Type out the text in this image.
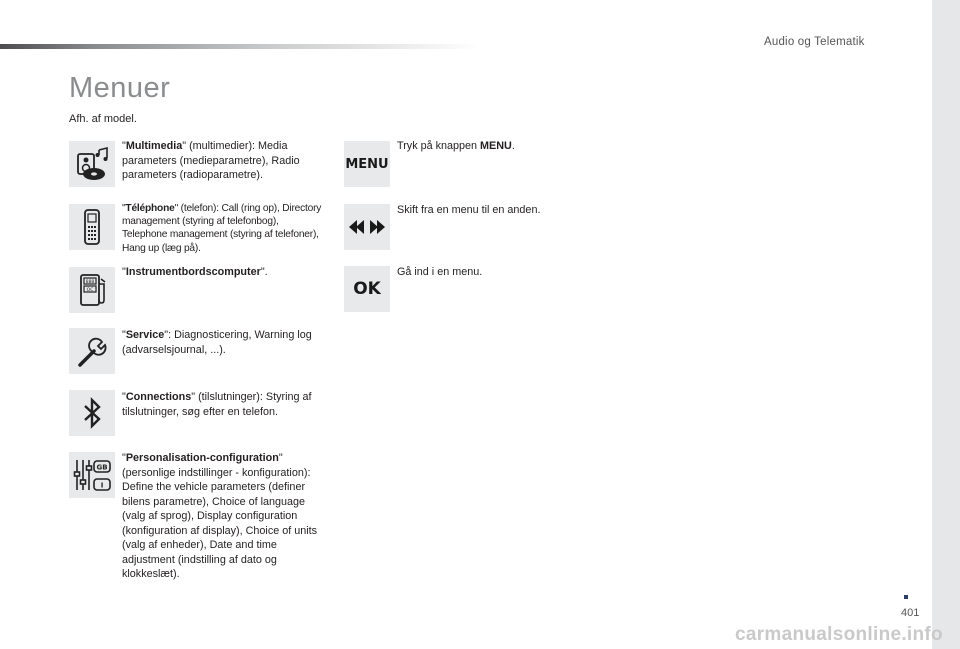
Audio og Telematik
Menuer
Afh. af model.
"Multimedia" (multimedier): Media parameters (medieparametre), Radio parameters (radioparametre).
"Téléphone" (telefon): Call (ring op), Directory management (styring af telefonbog), Telephone management (styring af telefoner), Hang up (læg på).
888
OC
"Instrumentbordscomputer".
"Service": Diagnosticering, Warning log (advarselsjournal, ...).
"Connections" (tilslutninger): Styring af tilslutninger, søg efter en telefon.
GB
I
"Personalisation-configuration" (personlige indstillinger - konfiguration): Define the vehicle parameters (definer bilens parametre), Choice of language (valg af sprog), Display configuration (konfiguration af display), Choice of units (valg af enheder), Date and time adjustment (indstilling af dato og klokkeslæt).
MENU
Tryk på knappen MENU.
Skift fra en menu til en anden.
OK
Gå ind i en menu.
401
carmanualsonline.info
